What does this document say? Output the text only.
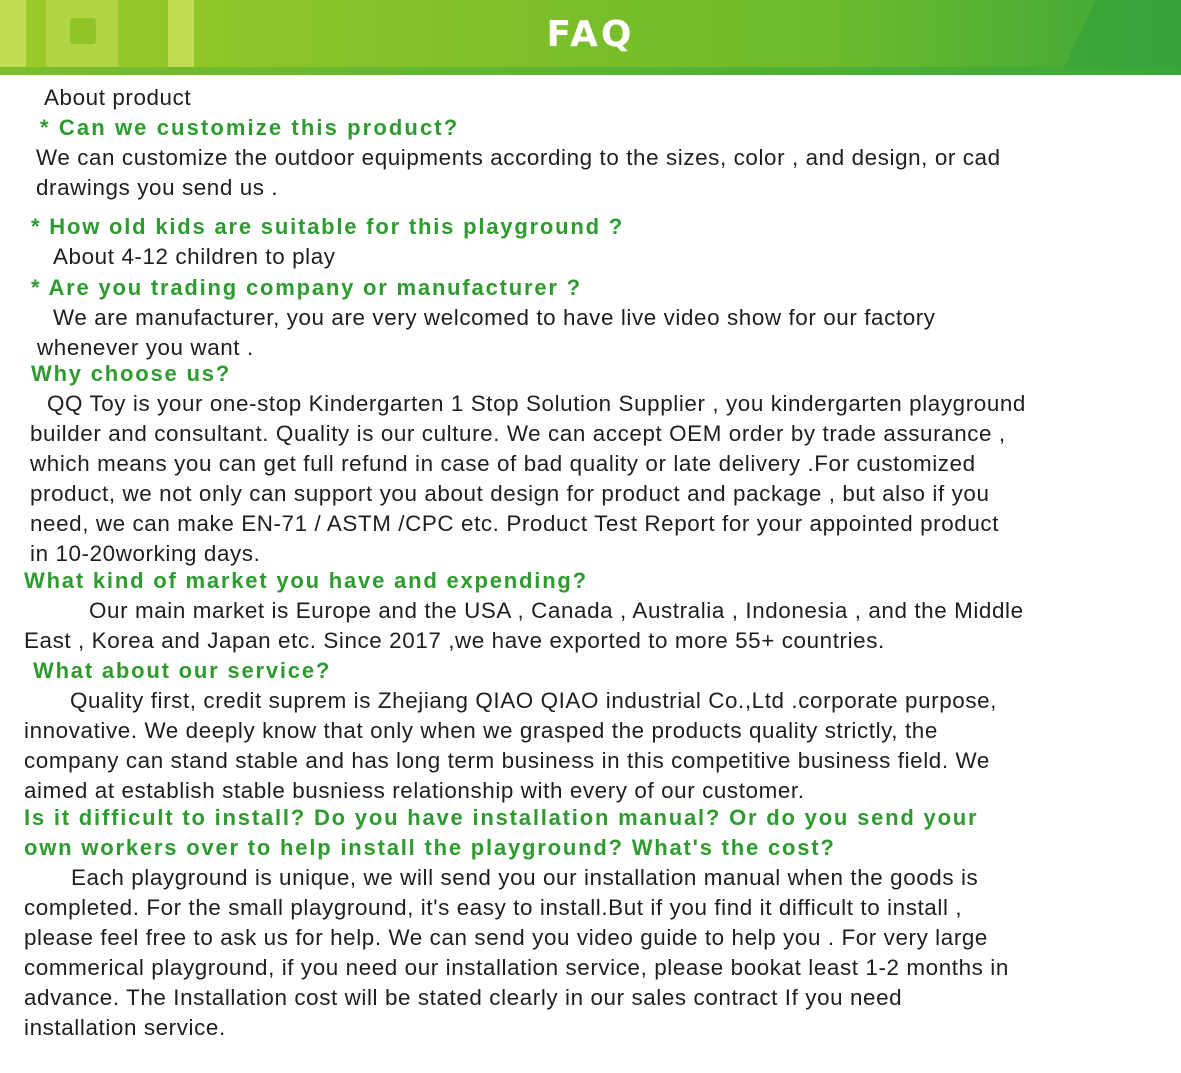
FAQ

About product

* Can we customize this product?

We can customize the outdoor equipments according to the sizes, color , and design, or cad

drawings you send us .

* How old kids are suitable for this playground ?

About 4-12 children to play

* Are you trading company or manufacturer ?

We are manufacturer, you are very welcomed to have live video show for our factory

whenever you want .

Why choose us?

QQ Toy is your one-stop Kindergarten 1 Stop Solution Supplier , you kindergarten playground

builder and consultant. Quality is our culture. We can accept OEM order by trade assurance ,

which means you can get full refund in case of bad quality or late delivery .For customized

product, we not only can support you about design for product and package , but also if you

need, we can make EN-71 / ASTM /CPC etc. Product Test Report for your appointed product

in 10-20working days.

What kind of market you have and expending?

Our main market is Europe and the USA , Canada , Australia , Indonesia , and the Middle

East , Korea and Japan etc. Since 2017 ,we have exported to more 55+ countries.

What about our service?

Quality first, credit suprem is Zhejiang QIAO QIAO industrial Co.,Ltd .corporate purpose,

innovative. We deeply know that only when we grasped the products quality strictly, the

company can stand stable and has long term business in this competitive business field. We

aimed at establish stable busniess relationship with every of our customer.

Is it difficult to install? Do you have installation manual? Or do you send your

own workers over to help install the playground? What's the cost?

Each playground is unique, we will send you our installation manual when the goods is

completed. For the small playground, it's easy to install.But if you find it difficult to install ,

please feel free to ask us for help. We can send you video guide to help you . For very large

commerical playground, if you need our installation service, please bookat least 1-2 months in

advance. The Installation cost will be stated clearly in our sales contract If you need

installation service.
